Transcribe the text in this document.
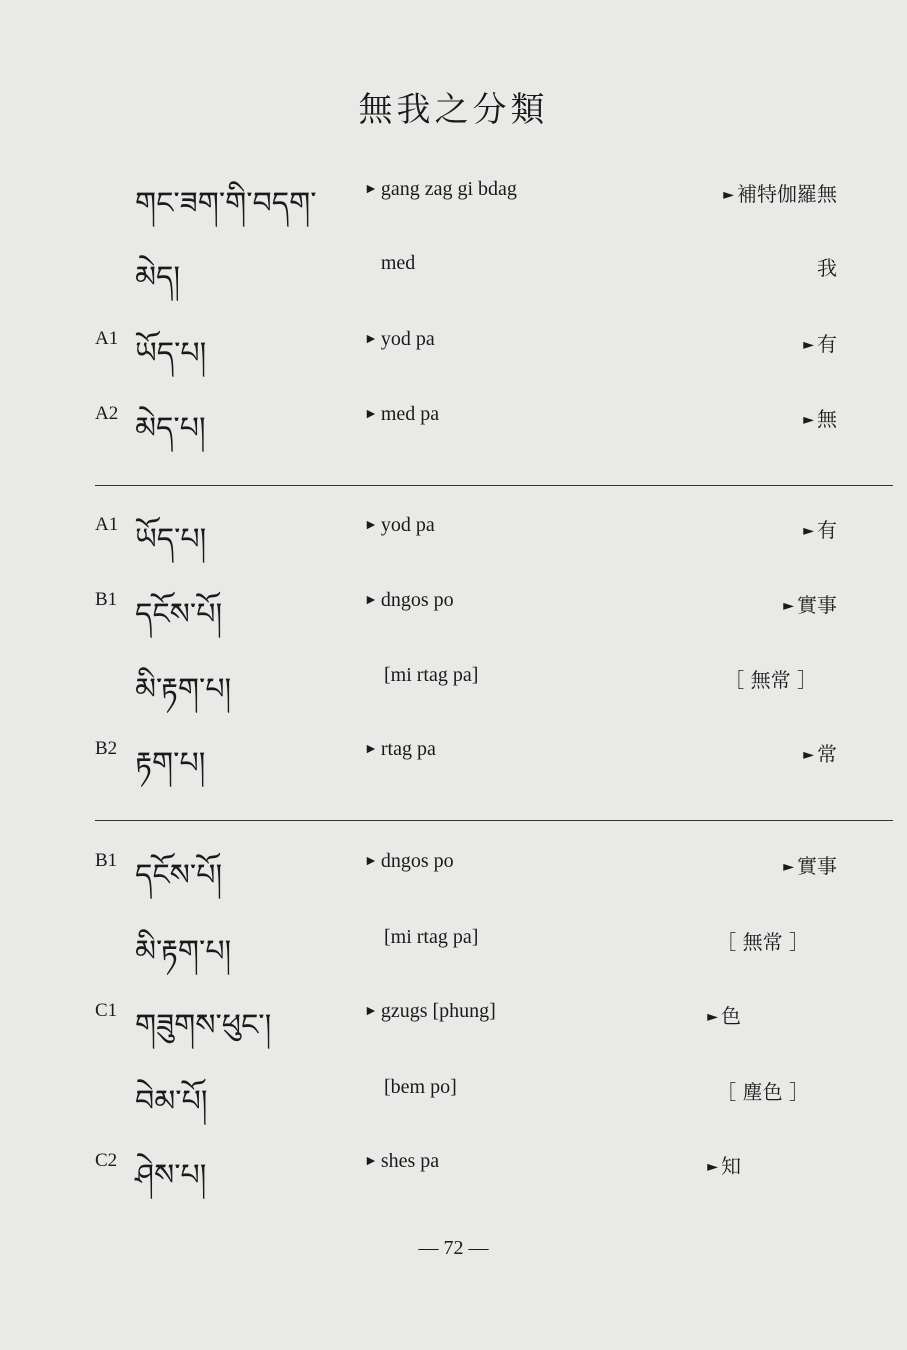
無我之分類
གང་ཟག་གི་བདག་	► gang zag gi bdag	► 補特伽羅無
མེད།	med	我
A1 ཡོད་པ།	► yod pa	► 有
A2 མེད་པ།	► med pa	► 無
A1 ཡོད་པ།	► yod pa	► 有
B1 དངོས་པོ།	► dngos po	► 實事
མི་རྟག་པ།	[mi rtag pa]	［ 無常 ］
B2 རྟག་པ།	► rtag pa	► 常
B1 དངོས་པོ།	► dngos po	► 實事
མི་རྟག་པ།	[mi rtag pa]	［ 無常 ］
C1 གཟུགས་ཕུང་།	► gzugs [phung]	► 色
བེམ་པོ།	[bem po]	［ 塵色 ］
C2 ཤེས་པ།	► shes pa	► 知
— 72 —
